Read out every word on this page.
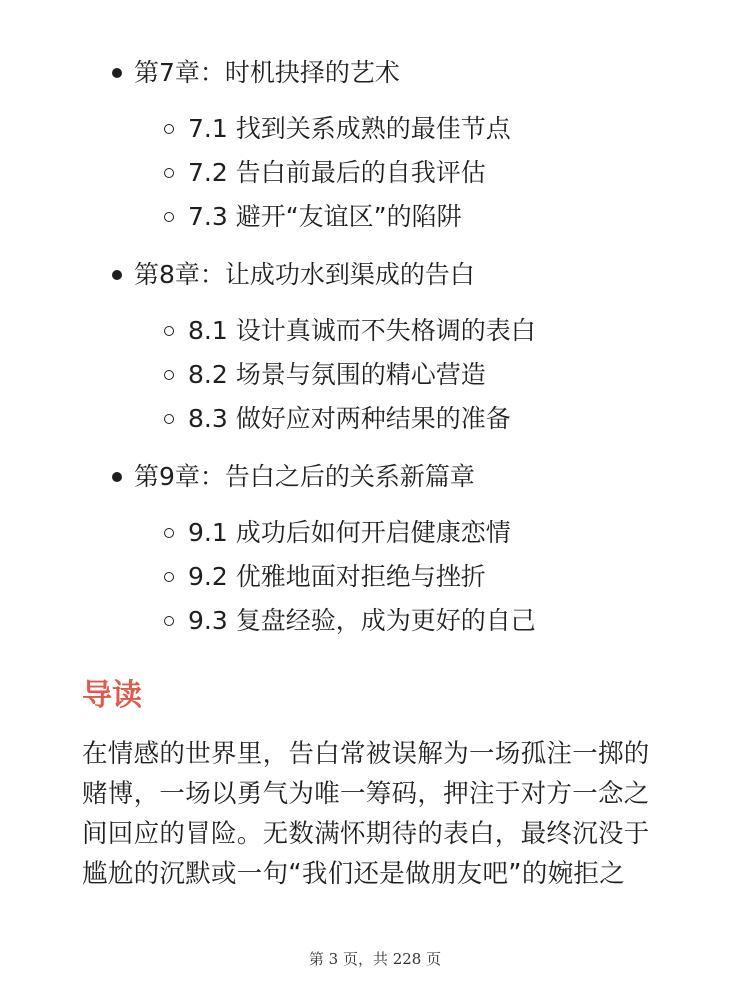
第7章：时机抉择的艺术
7.1 找到关系成熟的最佳节点
7.2 告白前最后的自我评估
7.3 避开“友谊区”的陷阱
第8章：让成功水到渠成的告白
8.1 设计真诚而不失格调的表白
8.2 场景与氛围的精心营造
8.3 做好应对两种结果的准备
第9章：告白之后的关系新篇章
9.1 成功后如何开启健康恋情
9.2 优雅地面对拒绝与挫折
9.3 复盘经验，成为更好的自己
导读
在情感的世界里，告白常被误解为一场孤注一掷的
赌博，一场以勇气为唯一筹码，押注于对方一念之
间回应的冒险。无数满怀期待的表白，最终沉没于
尴尬的沉默或一句“我们还是做朋友吧”的婉拒之
第 3 页，共 228 页
